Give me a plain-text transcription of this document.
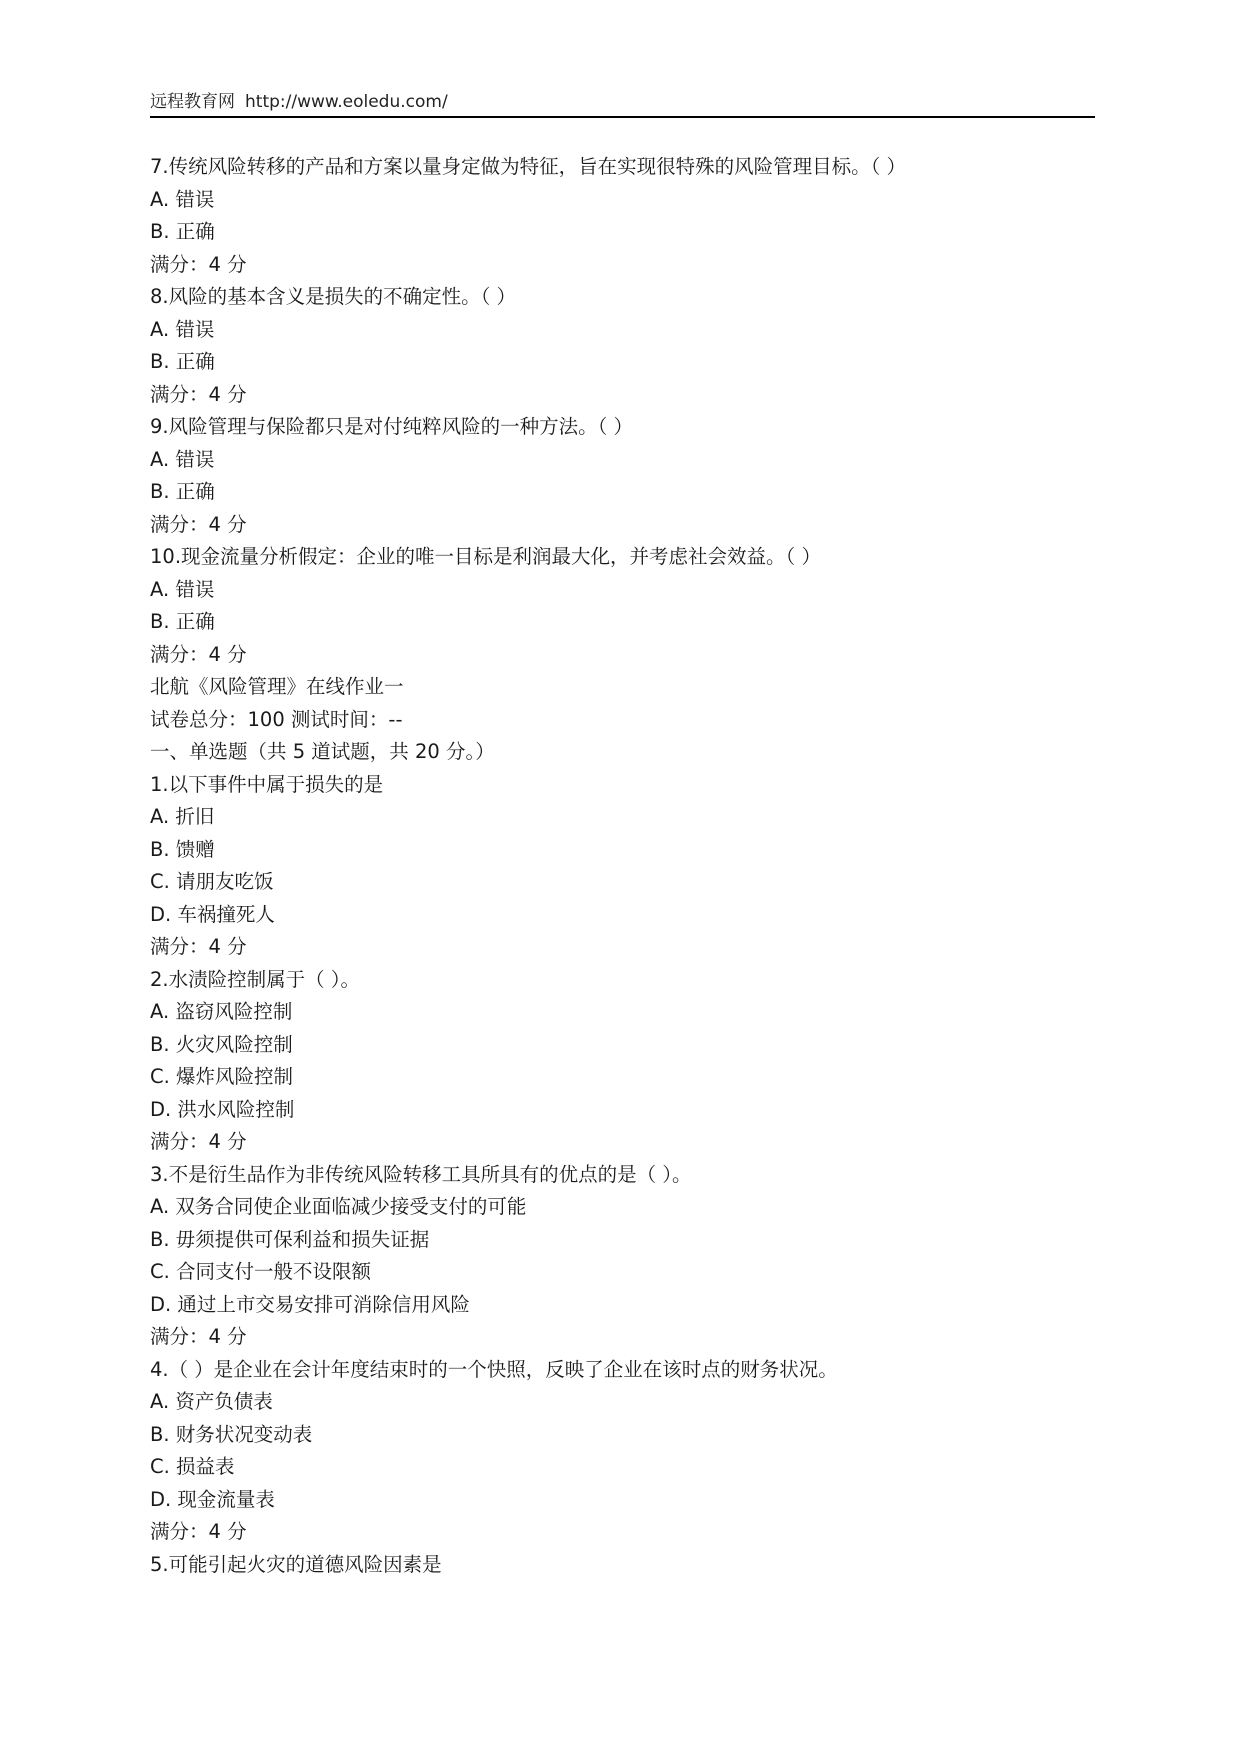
远程教育网 http://www.eoledu.com/
7.传统风险转移的产品和方案以量身定做为特征，旨在实现很特殊的风险管理目标。（ ）
A. 错误
B. 正确
满分：4 分
8.风险的基本含义是损失的不确定性。（ ）
A. 错误
B. 正确
满分：4 分
9.风险管理与保险都只是对付纯粹风险的一种方法。（ ）
A. 错误
B. 正确
满分：4 分
10.现金流量分析假定：企业的唯一目标是利润最大化，并考虑社会效益。（ ）
A. 错误
B. 正确
满分：4 分
北航《风险管理》在线作业一
试卷总分：100 测试时间：--
一、单选题（共 5 道试题，共 20 分。）
1.以下事件中属于损失的是
A. 折旧
B. 馈赠
C. 请朋友吃饭
D. 车祸撞死人
满分：4 分
2.水渍险控制属于（ ）。
A. 盗窃风险控制
B. 火灾风险控制
C. 爆炸风险控制
D. 洪水风险控制
满分：4 分
3.不是衍生品作为非传统风险转移工具所具有的优点的是（ ）。
A. 双务合同使企业面临减少接受支付的可能
B. 毋须提供可保利益和损失证据
C. 合同支付一般不设限额
D. 通过上市交易安排可消除信用风险
满分：4 分
4.（ ）是企业在会计年度结束时的一个快照，反映了企业在该时点的财务状况。
A. 资产负债表
B. 财务状况变动表
C. 损益表
D. 现金流量表
满分：4 分
5.可能引起火灾的道德风险因素是
